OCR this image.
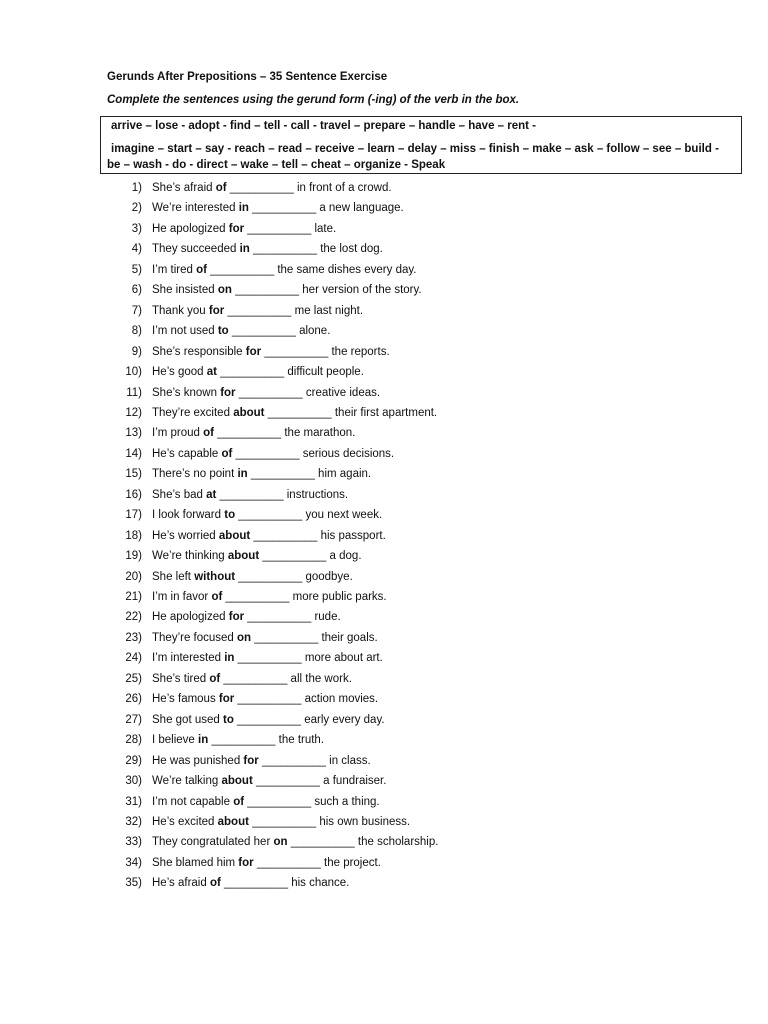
Gerunds After Prepositions – 35 Sentence Exercise
Complete the sentences using the gerund form (-ing) of the verb in the box.
arrive – lose - adopt - find – tell - call - travel – prepare – handle – have – rent -
imagine – start – say - reach – read – receive – learn – delay – miss – finish – make – ask – follow – see – build -
be – wash - do - direct – wake – tell – cheat – organize - Speak
1) She’s afraid of __________ in front of a crowd.
2) We’re interested in __________ a new language.
3) He apologized for __________ late.
4) They succeeded in __________ the lost dog.
5) I’m tired of __________ the same dishes every day.
6) She insisted on __________ her version of the story.
7) Thank you for __________ me last night.
8) I’m not used to __________ alone.
9) She’s responsible for __________ the reports.
10) He’s good at __________ difficult people.
11) She’s known for __________ creative ideas.
12) They’re excited about __________ their first apartment.
13) I’m proud of __________ the marathon.
14) He’s capable of __________ serious decisions.
15) There’s no point in __________ him again.
16) She’s bad at __________ instructions.
17) I look forward to __________ you next week.
18) He’s worried about __________ his passport.
19) We’re thinking about __________ a dog.
20) She left without __________ goodbye.
21) I’m in favor of __________ more public parks.
22) He apologized for __________ rude.
23) They’re focused on __________ their goals.
24) I’m interested in __________ more about art.
25) She’s tired of __________ all the work.
26) He’s famous for __________ action movies.
27) She got used to __________ early every day.
28) I believe in __________ the truth.
29) He was punished for __________ in class.
30) We’re talking about __________ a fundraiser.
31) I’m not capable of __________ such a thing.
32) He’s excited about __________ his own business.
33) They congratulated her on __________ the scholarship.
34) She blamed him for __________ the project.
35) He’s afraid of __________ his chance.
